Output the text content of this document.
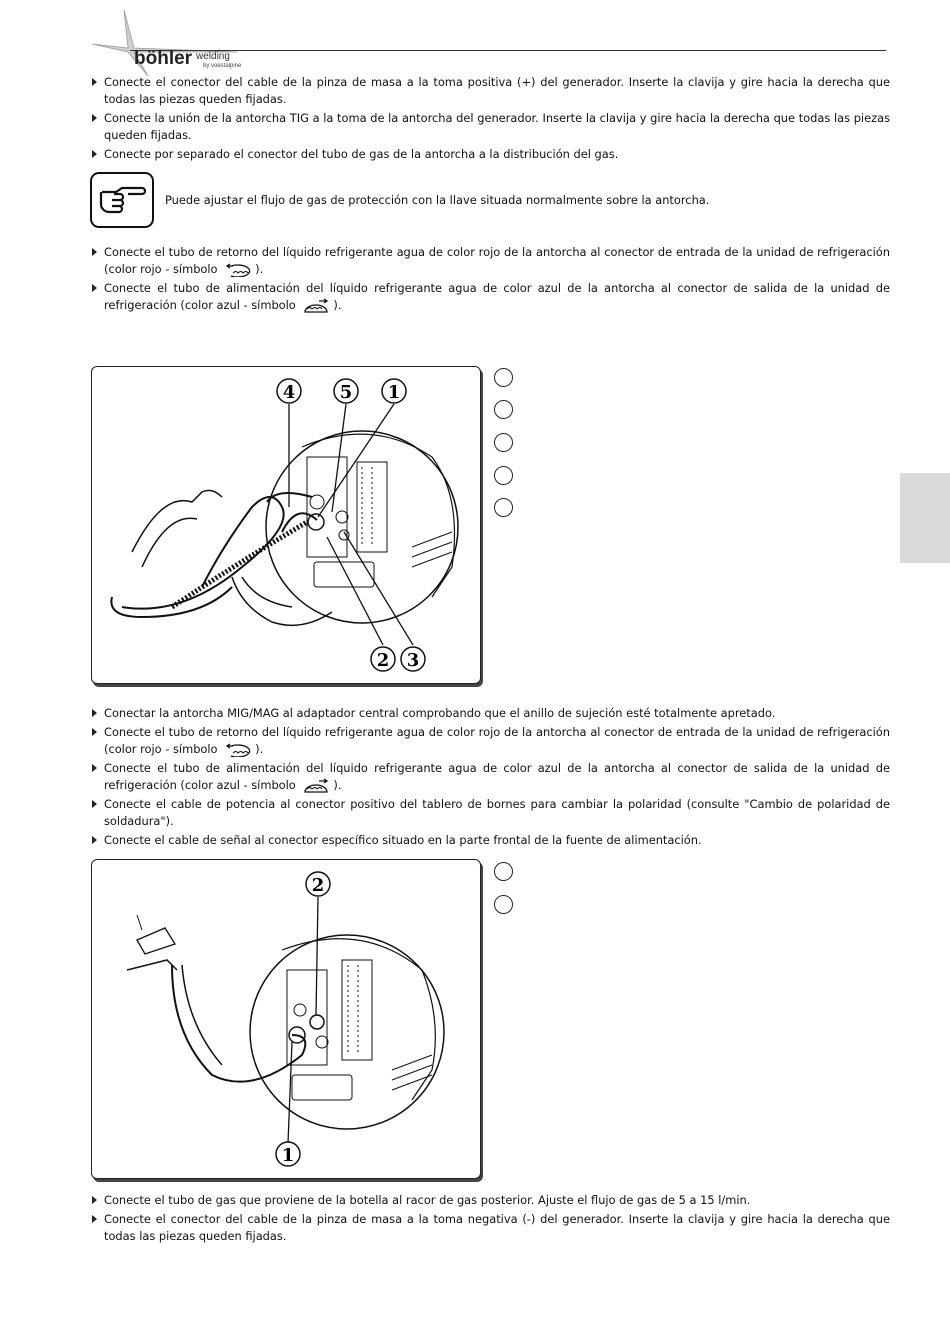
böhler welding
by voestalpine
Conecte el conector del cable de la pinza de masa a la toma positiva (+) del generador. Inserte la clavija y gire hacia la derecha que todas las piezas queden fijadas.
Conecte la unión de la antorcha TIG a la toma de la antorcha del generador. Inserte la clavija y gire hacia la derecha que todas las piezas queden fijadas.
Conecte por separado el conector del tubo de gas de la antorcha a la distribución del gas.
Puede ajustar el flujo de gas de protección con la llave situada normalmente sobre la antorcha.
Conecte el tubo de retorno del líquido refrigerante agua de color rojo de la antorcha al conector de entrada de la unidad de refrigeración (color rojo - símbolo	).
Conecte el tubo de alimentación del líquido refrigerante agua de color azul de la antorcha al conector de salida de la unidad de refrigeración (color azul - símbolo	).
4 5 1
2 3
Conectar la antorcha MIG/MAG al adaptador central comprobando que el anillo de sujeción esté totalmente apretado.
Conecte el tubo de retorno del líquido refrigerante agua de color rojo de la antorcha al conector de entrada de la unidad de refrigeración (color rojo - símbolo	).
Conecte el tubo de alimentación del líquido refrigerante agua de color azul de la antorcha al conector de salida de la unidad de refrigeración (color azul - símbolo	).
Conecte el cable de potencia al conector positivo del tablero de bornes para cambiar la polaridad (consulte "Cambio de polaridad de soldadura").
Conecte el cable de señal al conector específico situado en la parte frontal de la fuente de alimentación.
2
1
Conecte el tubo de gas que proviene de la botella al racor de gas posterior. Ajuste el flujo de gas de 5 a 15 l/min.
Conecte el conector del cable de la pinza de masa a la toma negativa (-) del generador. Inserte la clavija y gire hacia la derecha que todas las piezas queden fijadas.
